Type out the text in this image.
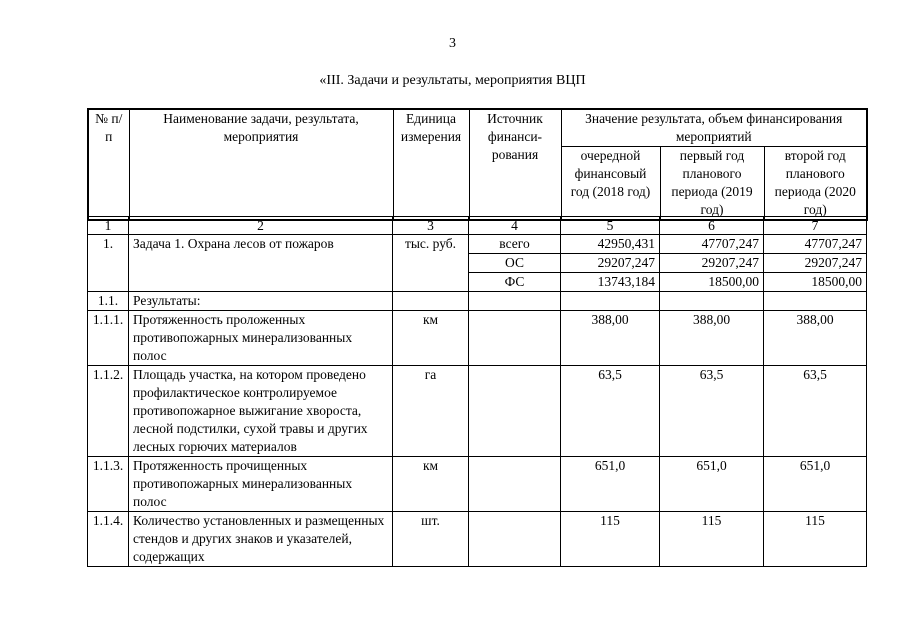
3
«III. Задачи и результаты, мероприятия ВЦП
№ п/п	Наименование задачи, результата, мероприятия	Единица измерения	Источник финанси-рования	Значение результата, объем финансирования мероприятий		
				очередной финансовый год (2018 год)	первый год планового периода (2019 год)	второй год планового периода (2020 год)
1	2	3	4	5	6	7
1.	Задача 1. Охрана лесов от пожаров	тыс. руб.	всего	42950,431	47707,247	47707,247
			ОС	29207,247	29207,247	29207,247
			ФС	13743,184	18500,00	18500,00
1.1.	Результаты:					
1.1.1.	Протяженность проложенных противопожарных минерализованных полос	км		388,00	388,00	388,00
1.1.2.	Площадь участка, на котором проведено профилактическое контролируемое противопожарное выжигание хвороста, лесной подстилки, сухой травы и других лесных горючих материалов	га		63,5	63,5	63,5
1.1.3.	Протяженность прочищенных противопожарных минерализованных полос	км		651,0	651,0	651,0
1.1.4.	Количество установленных и размещенных стендов и других знаков и указателей, содержащих	шт.		115	115	115
